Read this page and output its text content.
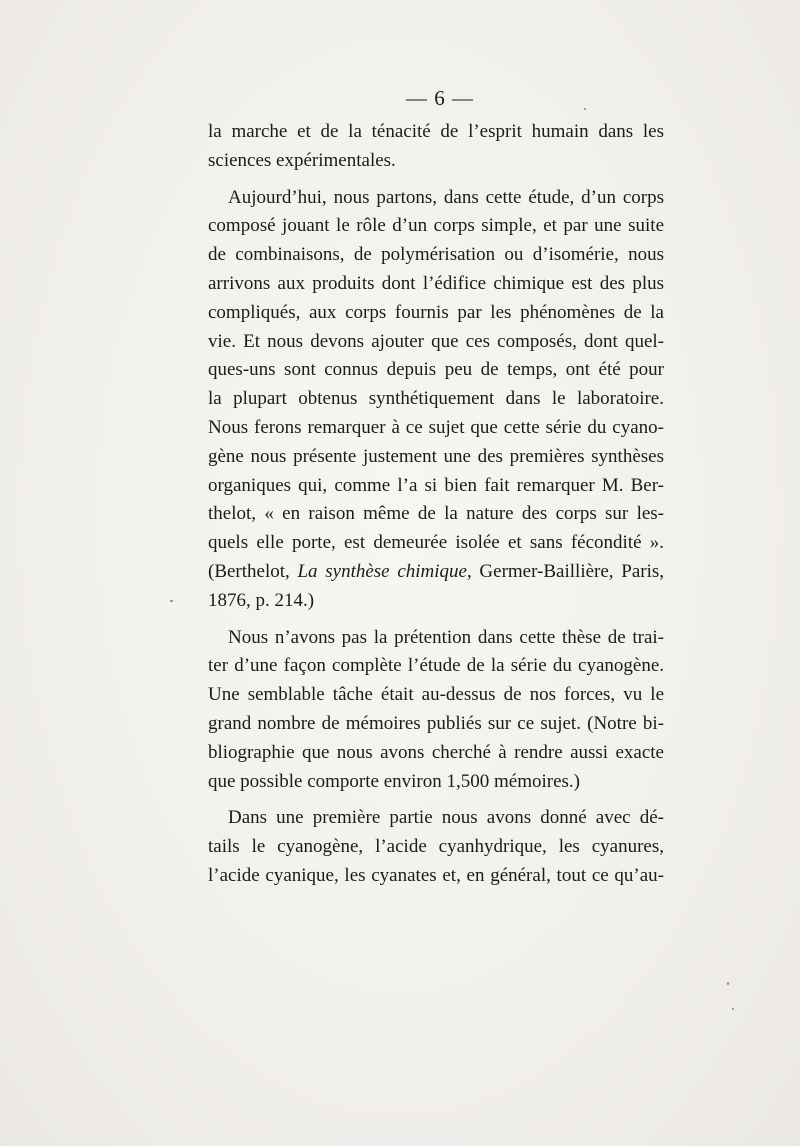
— 6 —
la marche et de la ténacité de l’esprit humain dans les
sciences expérimentales.
Aujourd’hui, nous partons, dans cette étude, d’un corps
composé jouant le rôle d’un corps simple, et par une suite
de combinaisons, de polymérisation ou d’isomérie, nous
arrivons aux produits dont l’édifice chimique est des plus
compliqués, aux corps fournis par les phénomènes de la
vie. Et nous devons ajouter que ces composés, dont quel-
ques-uns sont connus depuis peu de temps, ont été pour
la plupart obtenus synthétiquement dans le laboratoire.
Nous ferons remarquer à ce sujet que cette série du cyano-
gène nous présente justement une des premières synthèses
organiques qui, comme l’a si bien fait remarquer M. Ber-
thelot, « en raison même de la nature des corps sur les-
quels elle porte, est demeurée isolée et sans fécondité ».
(Berthelot, La synthèse chimique, Germer-Baillière, Paris,
1876, p. 214.)
Nous n’avons pas la prétention dans cette thèse de trai-
ter d’une façon complète l’étude de la série du cyanogène.
Une semblable tâche était au-dessus de nos forces, vu le
grand nombre de mémoires publiés sur ce sujet. (Notre bi-
bliographie que nous avons cherché à rendre aussi exacte
que possible comporte environ 1,500 mémoires.)
Dans une première partie nous avons donné avec dé-
tails le cyanogène, l’acide cyanhydrique, les cyanures,
l’acide cyanique, les cyanates et, en général, tout ce qu’au-
